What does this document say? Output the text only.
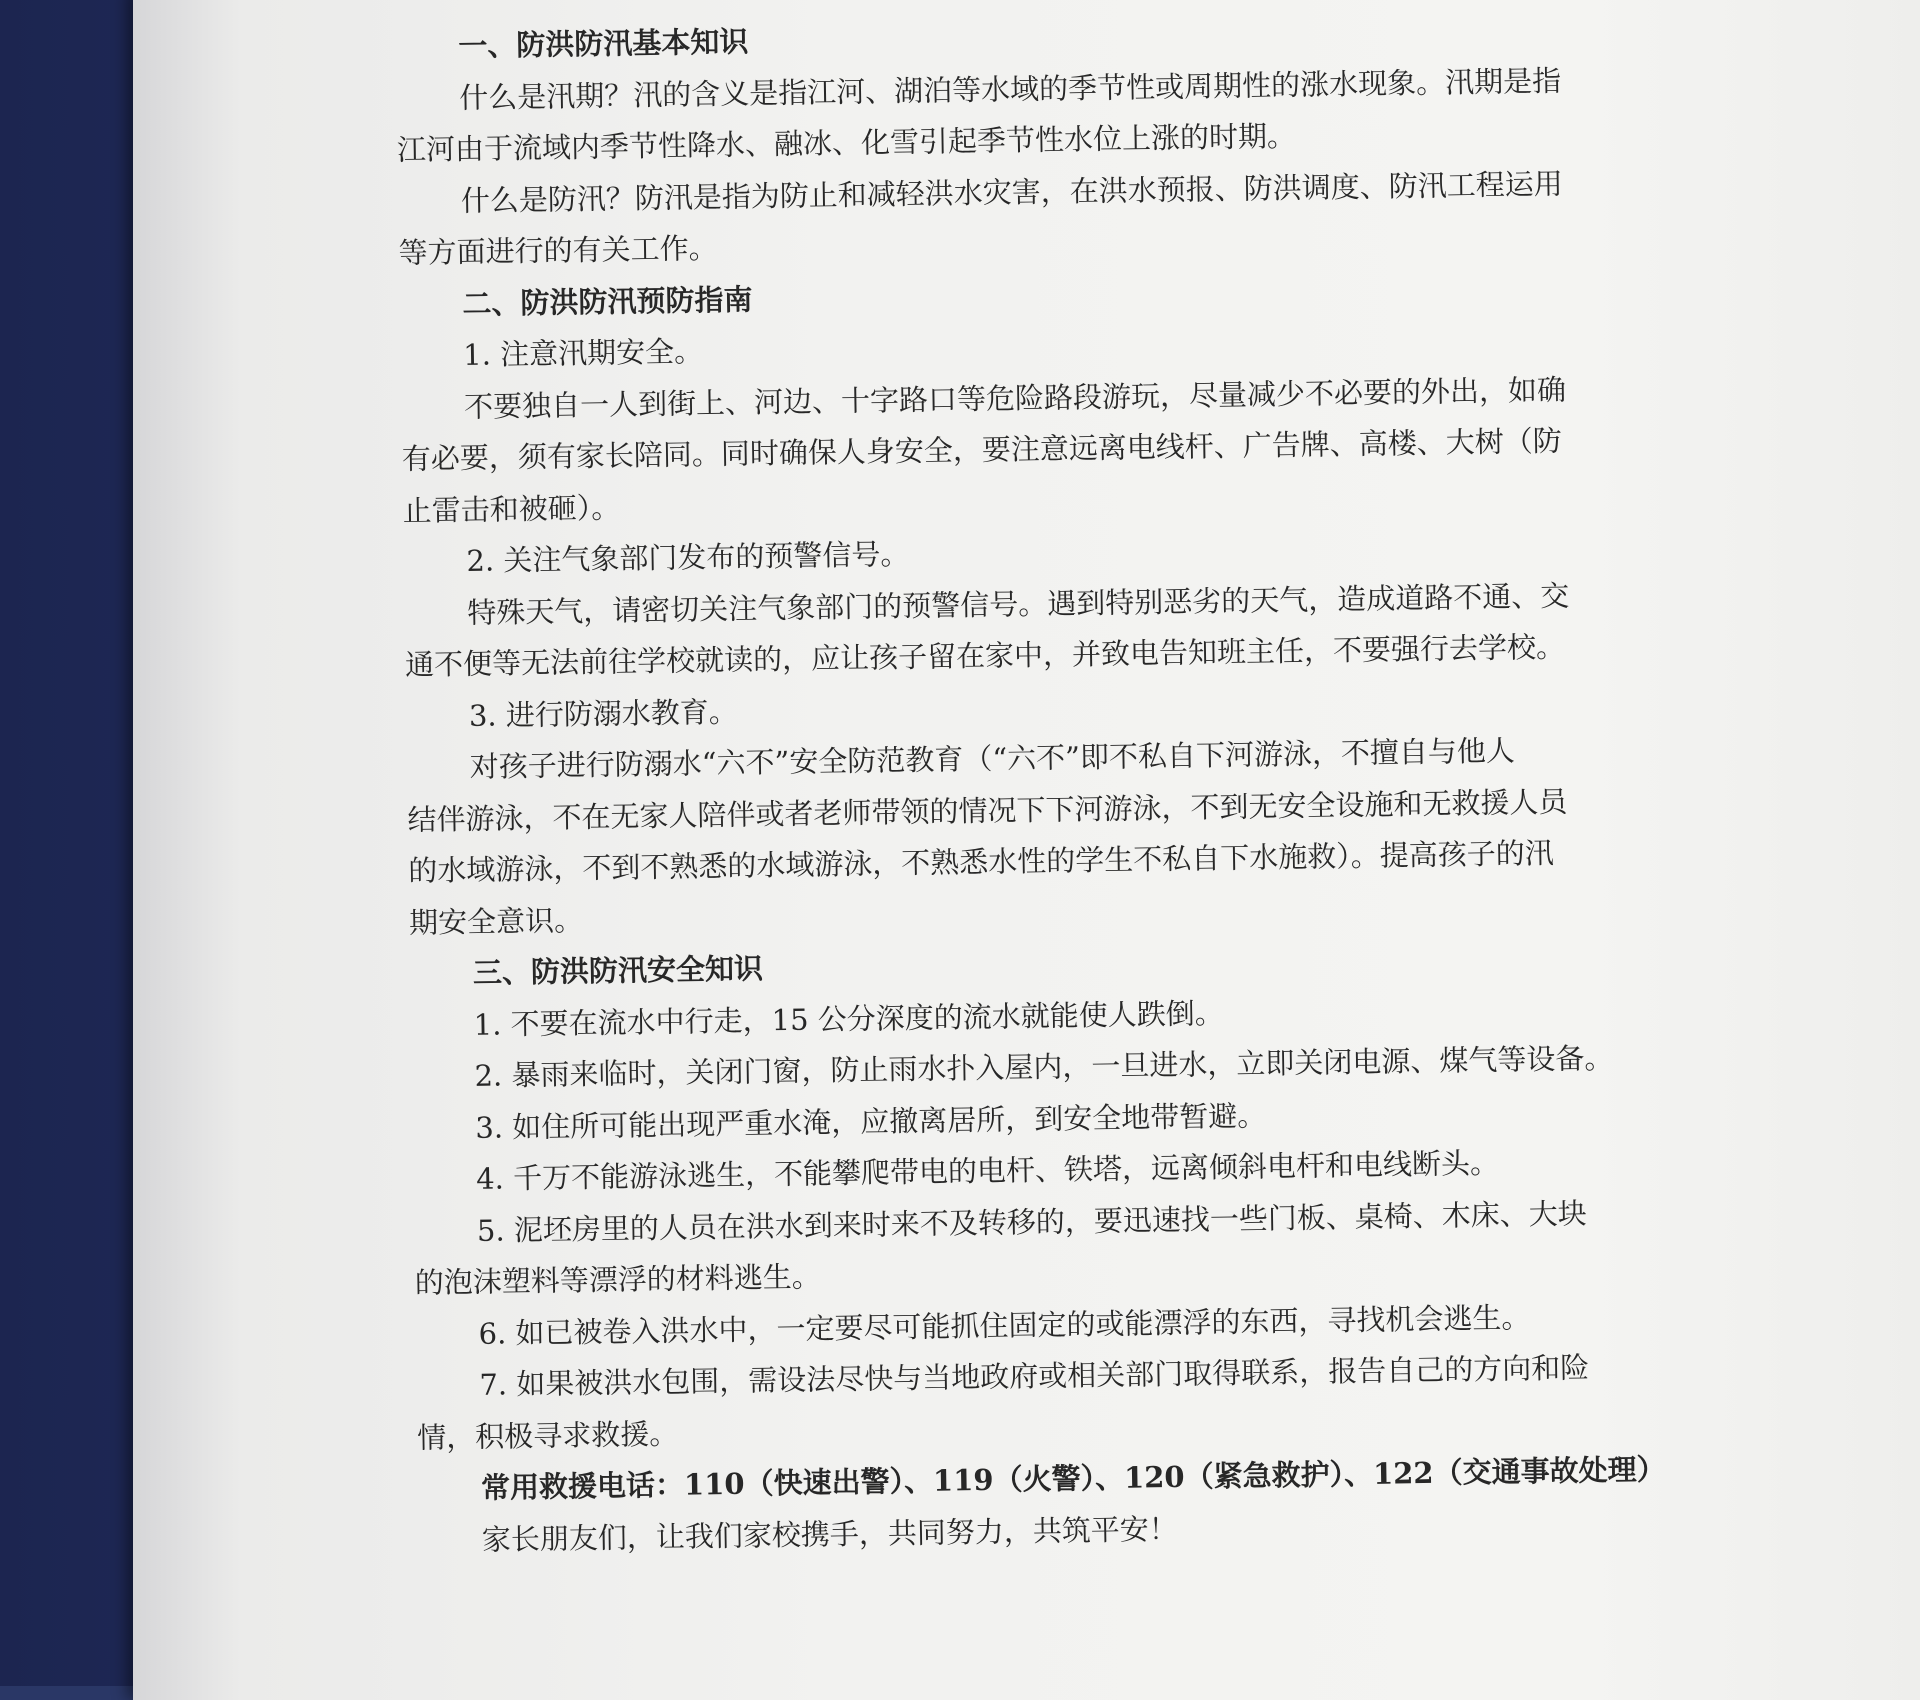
一、防洪防汛基本知识
什么是汛期？汛的含义是指江河、湖泊等水域的季节性或周期性的涨水现象。汛期是指
江河由于流域内季节性降水、融冰、化雪引起季节性水位上涨的时期。
什么是防汛？防汛是指为防止和减轻洪水灾害，在洪水预报、防洪调度、防汛工程运用
等方面进行的有关工作。
二、防洪防汛预防指南
1. 注意汛期安全。
不要独自一人到街上、河边、十字路口等危险路段游玩，尽量减少不必要的外出，如确
有必要，须有家长陪同。同时确保人身安全，要注意远离电线杆、广告牌、高楼、大树（防
止雷击和被砸）。
2. 关注气象部门发布的预警信号。
特殊天气，请密切关注气象部门的预警信号。遇到特别恶劣的天气，造成道路不通、交
通不便等无法前往学校就读的，应让孩子留在家中，并致电告知班主任，不要强行去学校。
3. 进行防溺水教育。
对孩子进行防溺水“六不”安全防范教育（“六不”即不私自下河游泳，不擅自与他人
结伴游泳，不在无家人陪伴或者老师带领的情况下下河游泳，不到无安全设施和无救援人员
的水域游泳，不到不熟悉的水域游泳，不熟悉水性的学生不私自下水施救）。提高孩子的汛
期安全意识。
三、防洪防汛安全知识
1. 不要在流水中行走，15 公分深度的流水就能使人跌倒。
2. 暴雨来临时，关闭门窗，防止雨水扑入屋内，一旦进水，立即关闭电源、煤气等设备。
3. 如住所可能出现严重水淹，应撤离居所，到安全地带暂避。
4. 千万不能游泳逃生，不能攀爬带电的电杆、铁塔，远离倾斜电杆和电线断头。
5. 泥坯房里的人员在洪水到来时来不及转移的，要迅速找一些门板、桌椅、木床、大块
的泡沫塑料等漂浮的材料逃生。
6. 如已被卷入洪水中，一定要尽可能抓住固定的或能漂浮的东西，寻找机会逃生。
7. 如果被洪水包围，需设法尽快与当地政府或相关部门取得联系，报告自己的方向和险
情，积极寻求救援。
常用救援电话：110（快速出警）、119（火警）、120（紧急救护）、122（交通事故处理）
家长朋友们，让我们家校携手，共同努力，共筑平安！
